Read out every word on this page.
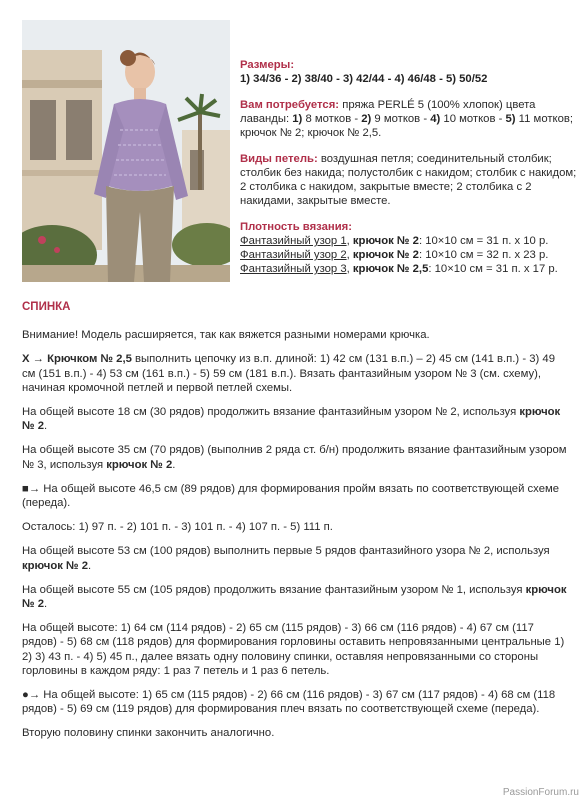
Размеры:

1) 34/36 - 2) 38/40 - 3) 42/44 - 4) 46/48 - 5) 50/52

Вам потребуется: пряжа PERLÉ 5 (100% хлопок) цвета лаванды: 1) 8 мотков - 2) 9 мотков - 4) 10 мотков - 5) 11 мотков; крючок № 2; крючок № 2,5.

Виды петель: воздушная петля; соединительный столбик; столбик без накида; полустолбик с накидом; столбик с накидом; 2 столбика с накидом, закрытые вместе; 2 столбика с 2 накидами, закрытые вместе.

Плотность вязания:

Фантазийный узор 1, крючок № 2: 10×10 см = 31 п. х 10 р.

Фантазийный узор 2, крючок № 2: 10×10 см = 32 п. х 23 р.

Фантазийный узор 3, крючок № 2,5: 10×10 см = 31 п. х 17 р.

СПИНКА

Внимание! Модель расширяется, так как вяжется разными номерами крючка.

X → Крючком № 2,5 выполнить цепочку из в.п. длиной: 1) 42 см (131 в.п.) – 2) 45 см (141 в.п.) - 3) 49 см (151 в.п.) - 4) 53 см (161 в.п.) - 5) 59 см (181 в.п.). Вязать фантазийным узором № 3 (см. схему), начиная кромочной петлей и первой петлей схемы.

На общей высоте 18 см (30 рядов) продолжить вязание фантазийным узором № 2, используя крючок № 2.

На общей высоте 35 см (70 рядов) (выполнив 2 ряда ст. б/н) продолжить вязание фантазийным узором № 3, используя крючок № 2.

■→ На общей высоте 46,5 см (89 рядов) для формирования пройм вязать по соответствующей схеме (переда).

Осталось: 1) 97 п. - 2) 101 п. - 3) 101 п. - 4) 107 п. - 5) 111 п.

На общей высоте 53 см (100 рядов) выполнить первые 5 рядов фантазийного узора № 2, используя крючок № 2.

На общей высоте 55 см (105 рядов) продолжить вязание фантазийным узором № 1, используя крючок № 2.

На общей высоте: 1) 64 см (114 рядов) - 2) 65 см (115 рядов) - 3) 66 см (116 рядов) - 4) 67 см (117 рядов) - 5) 68 см (118 рядов) для формирования горловины оставить непровязанными центральные 1) 2) 3) 43 п. - 4) 5) 45 п., далее вязать одну половину спинки, оставляя непровязанными со стороны горловины в каждом ряду: 1 раз 7 петель и 1 раз 6 петель.

●→ На общей высоте: 1) 65 см (115 рядов) - 2) 66 см (116 рядов) - 3) 67 см (117 рядов) - 4) 68 см (118 рядов) - 5) 69 см (119 рядов) для формирования плеч вязать по соответствующей схеме (переда).

Вторую половину спинки закончить аналогично.

PassionForum.ru
